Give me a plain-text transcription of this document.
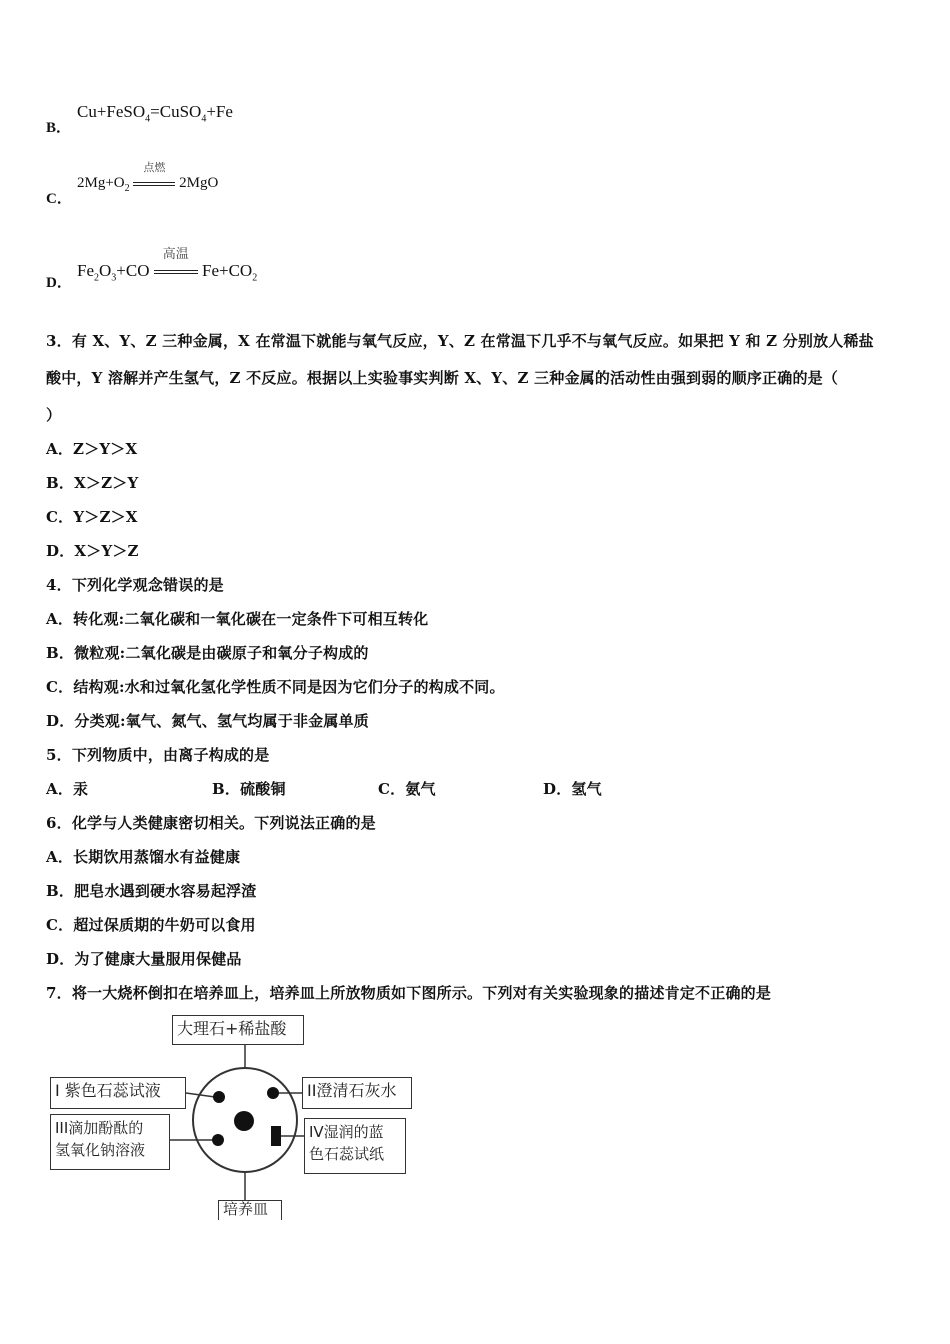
B．
Cu+FeSO$_4$=CuSO$_4$+Fe
C．
$2Mg+O_2$
点燃
2MgO
D．
$Fe_2O_3+CO$
高温
$Fe+CO_2$
3．有 X、Y、Z 三种金属，X 在常温下就能与氧气反应，Y、Z 在常温下几乎不与氧气反应。如果把 Y 和 Z 分别放人稀盐
酸中，Y 溶解并产生氢气，Z 不反应。根据以上实验事实判断 X、Y、Z 三种金属的活动性由强到弱的顺序正确的是（
）
A．Z＞Y＞X
B．X＞Z＞Y
C．Y＞Z＞X
D．X＞Y＞Z
4．下列化学观念错误的是
A．转化观:二氧化碳和一氧化碳在一定条件下可相互转化
B．微粒观:二氧化碳是由碳原子和氧分子构成的
C．结构观:水和过氧化氢化学性质不同是因为它们分子的构成不同。
D．分类观:氧气、氮气、氢气均属于非金属单质
5．下列物质中，由离子构成的是
A．汞	B．硫酸铜	C．氨气	D．氢气
6．化学与人类健康密切相关。下列说法正确的是
A．长期饮用蒸馏水有益健康
B．肥皂水遇到硬水容易起浮渣
C．超过保质期的牛奶可以食用
D．为了健康大量服用保健品
7．将一大烧杯倒扣在培养皿上，培养皿上所放物质如下图所示。下列对有关实验现象的描述肯定不正确的是
大理石+稀盐酸
I 紫色石蕊试液
III滴加酚酞的
氢氧化钠溶液
II澄清石灰水
IV湿润的蓝
色石蕊试纸
培养皿
